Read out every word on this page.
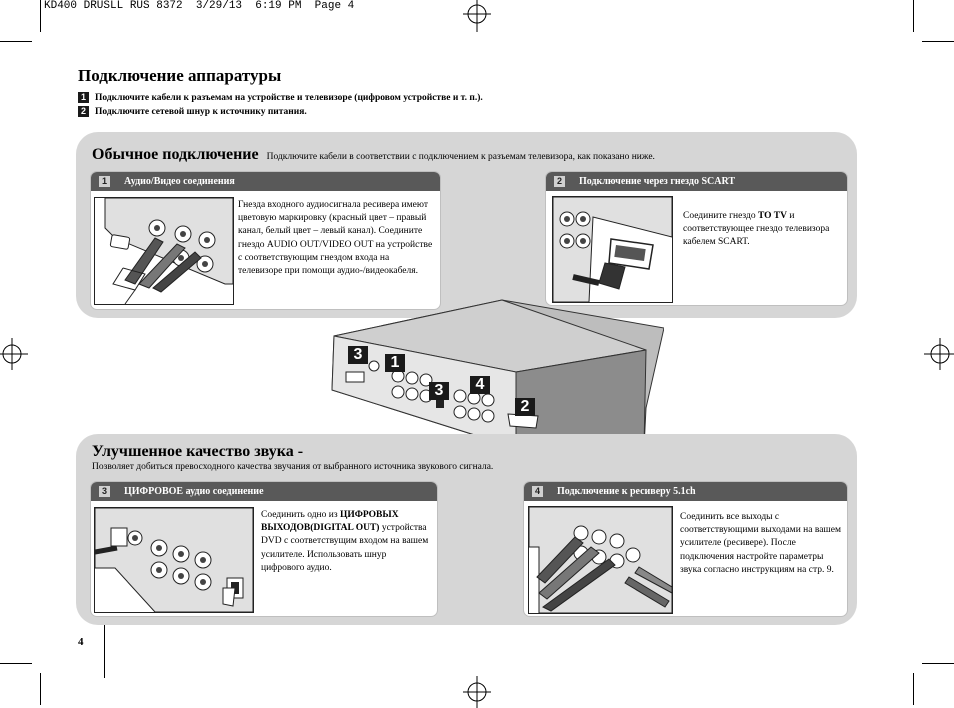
KD400 DRUSLL RUS 8372  3/29/13  6:19 PM  Page 4
Подключение аппаратуры
1 Подключите кабели к разъемам на устройстве и телевизоре (цифровом устройстве и т. п.).
2 Подключите сетевой шнур к источнику питания.
Обычное подключение Подключите кабели в соответствии с подключением к разъемам телевизора, как показано ниже.
1	Аудио/Видео соединения
Гнезда входного аудиосигнала ресивера имеют цветовую маркировку (красный цвет – правый канал, белый цвет – левый канал). Соедините гнездо AUDIO OUT/VIDEO OUT на устройстве с соответствующим гнездом входа на телевизоре при помощи аудио-/видеокабеля.
2	Подключение через гнездо SCART
Соедините гнездо TO TV и соответствующее гнездо телевизора кабелем SCART.
3	1
3	4
2
Улучшенное качество звука -
Позволяет добиться превосходного качества звучания от выбранного источника звукового сигнала.
3	ЦИФРОВОЕ аудио соединение
Соединить одно из ЦИФРОВЫХ ВЫХОДОВ(DIGITAL OUT) устройства DVD с соответствущим входом на вашем усилителе. Использовать шнур цифрового аудио.
4	Подключение к ресиверу 5.1ch
Соединить все выходы с соответствующими выходами на вашем усилителе (ресивере). После подключения настройте параметры звука согласно инструкциям на стр. 9.
4
